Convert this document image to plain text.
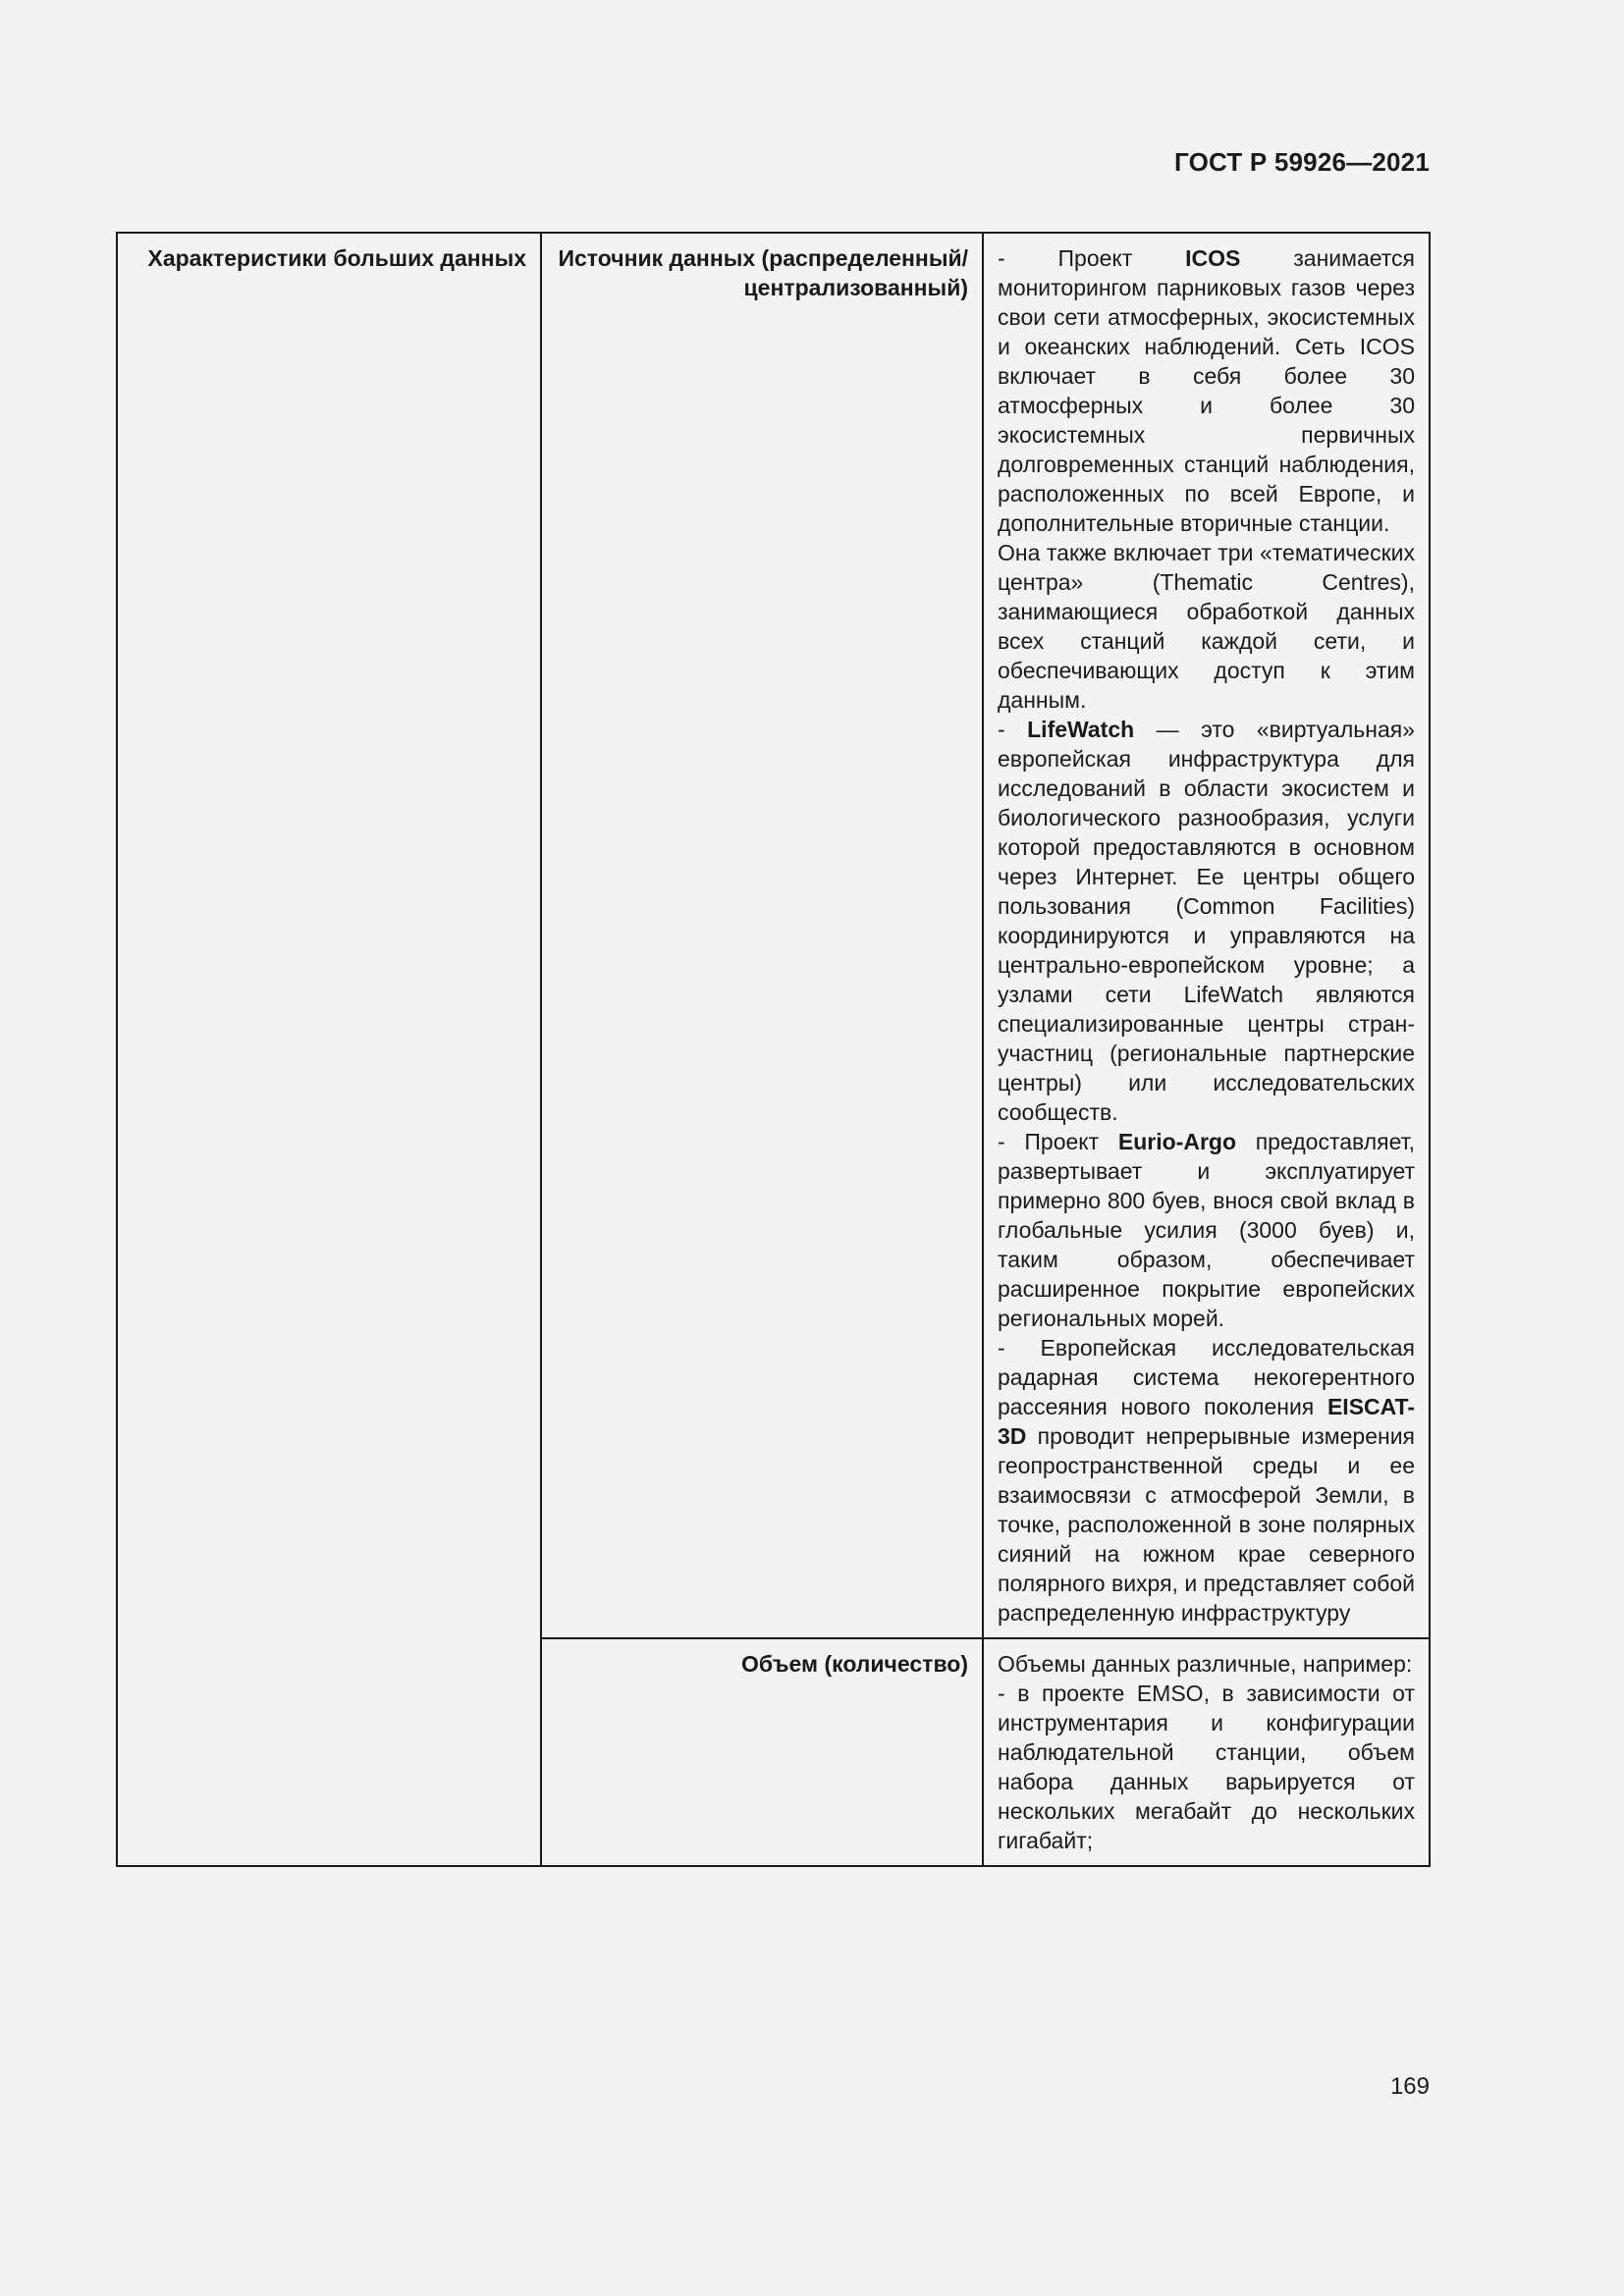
ГОСТ Р 59926—2021
Характеристики больших данных	Источник данных (распределенный/ централизованный)	- Проект ICOS занимается мониторингом парниковых газов через свои сети атмосферных, экосистемных и океанских наблюдений. Сеть ICOS включает в себя более 30 атмосферных и более 30 экосистемных первичных долговременных станций наблюдения, расположенных по всей Европе, и дополнительные вторичные станции.

Она также включает три «тематических центра» (Thematic Centres), занимающиеся обработкой данных всех станций каждой сети, и обеспечивающих доступ к этим данным.

- LifeWatch — это «виртуальная» европейская инфраструктура для исследований в области экосистем и биологического разнообразия, услуги которой предоставляются в основном через Интернет. Ее центры общего пользования (Common Facilities) координируются и управляются на центрально-европейском уровне; а узлами сети LifeWatch являются специализированные центры стран-участниц (региональные партнерские центры) или исследовательских сообществ.

- Проект Eurio-Argo предоставляет, развертывает и эксплуатирует примерно 800 буев, внося свой вклад в глобальные усилия (3000 буев) и, таким образом, обеспечивает расширенное покрытие европейских региональных морей.

- Европейская исследовательская радарная система некогерентного рассеяния нового поколения EISCAT-3D проводит непрерывные измерения геопространственной среды и ее взаимосвязи с атмосферой Земли, в точке, расположенной в зоне полярных сияний на южном крае северного полярного вихря, и представляет собой распределенную инфраструктуру

	Объем (количество)	Объемы данных различные, например:

- в проекте EMSO, в зависимости от инструментария и конфигурации наблюдательной станции, объем набора данных варьируется от нескольких мегабайт до нескольких гигабайт;

169
